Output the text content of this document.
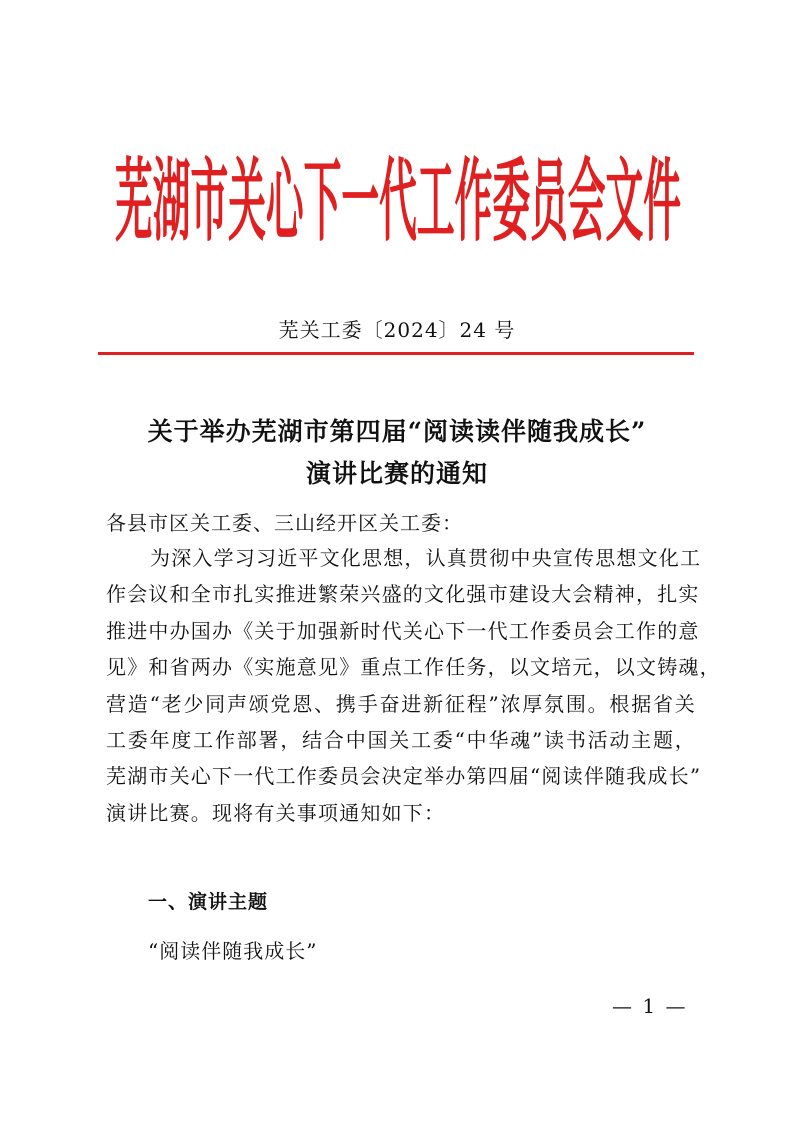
芜湖市关心下一代工作委员会文件
芜关工委〔2024〕24 号
关于举办芜湖市第四届“阅读读伴随我成长”
演讲比赛的通知
各县市区关工委、三山经开区关工委：
为深入学习习近平文化思想，认真贯彻中央宣传思想文化工
作会议和全市扎实推进繁荣兴盛的文化强市建设大会精神，扎实
推进中办国办《关于加强新时代关心下一代工作委员会工作的意
见》和省两办《实施意见》重点工作任务，以文培元，以文铸魂，
营造“老少同声颂党恩、携手奋进新征程”浓厚氛围。根据省关
工委年度工作部署，结合中国关工委“中华魂”读书活动主题，
芜湖市关心下一代工作委员会决定举办第四届“阅读伴随我成长”
演讲比赛。现将有关事项通知如下：
一、演讲主题
“阅读伴随我成长”
— 1 —
